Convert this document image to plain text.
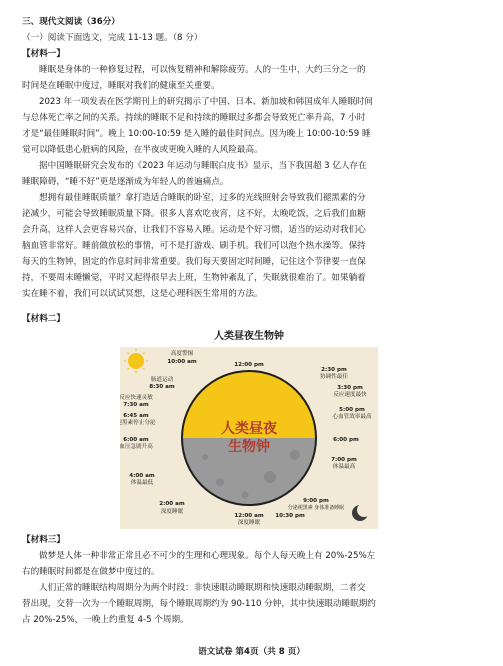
三、现代文阅读（36分）
（一）阅读下面选文，完成 11-13 题。（8 分）
【材料一】
睡眠是身体的一种修复过程，可以恢复精神和解除疲劳。人的一生中，大约三分之一的
时间是在睡眠中度过，睡眠对我们的健康至关重要。
2023 年一项发表在医学期刊上的研究揭示了中国、日本、新加坡和韩国成年人睡眠时间
与总体死亡率之间的关系。持续的睡眠不足和持续的睡眠过多都会导致死亡率升高，7 小时
才是“最佳睡眠时间”。晚上 10:00-10:59 是入睡的最佳时间点。因为晚上 10:00-10:59 睡
觉可以降低患心脏病的风险，在半夜或更晚入睡的人风险最高。
据中国睡眠研究会发布的《2023 年运动与睡眠白皮书》显示，当下我国超 3 亿人存在
睡眠障碍，“睡不好”更是逐渐成为年轻人的普遍痛点。
想拥有最佳睡眠质量？拿打造适合睡眠的卧室，过多的光线照射会导致我们褪黑素的分
泌减少，可能会导致睡眠质量下降。很多人喜欢吃夜宵，这不好，太晚吃饭，之后我们血糖
会升高，这样人会更容易兴奋，让我们不容易入睡。运动是个好习惯，适当的运动对我们心
脑血管非常好。睡前做放松的事情，可不是打游戏、刷手机。我们可以泡个热水澡等。保持
每天的生物钟，固定的作息时间非常重要。我们每天要固定时间睡，记住这个节律要一直保
持，不要周末睡懒觉，平时又起得很早去上班，生物钟紊乱了，失眠就很难治了。如果躺着
实在睡不着，我们可以试试冥想，这是心理科医生常用的方法。
【材料二】
人类昼夜生物钟
人类昼夜
生物钟
12:00 pm
高度警惕
10:00 am
肠道运动
8:30 am
反应快速灵敏
7:30 am
6:45 am
褪黑素停止分泌
6:00 am
血压急剧升高
4:00 am
体温最低
2:00 am
深度睡眠
12:00 am
深度睡眠
2:30 pm
协调性最佳
3:30 pm
反应速度最快
5:00 pm
心血管效率最高
6:00 pm
7:00 pm
体温最高
9:00 pm
分泌褪黑素 身体准备睡眠
10:30 pm
【材料三】
做梦是人体一种非常正常且必不可少的生理和心理现象。每个人每天晚上有 20%-25%左
右的睡眠时间都是在做梦中度过的。
人们正常的睡眠结构周期分为两个时段：非快速眼动睡眠期和快速眼动睡眠期，二者交
替出现，交替一次为一个睡眠周期，每个睡眠周期约为 90-110 分钟，其中快速眼动睡眠期约
占 20%-25%，一晚上约重复 4-5 个周期。
语文试卷 第4页（共 8 页）
